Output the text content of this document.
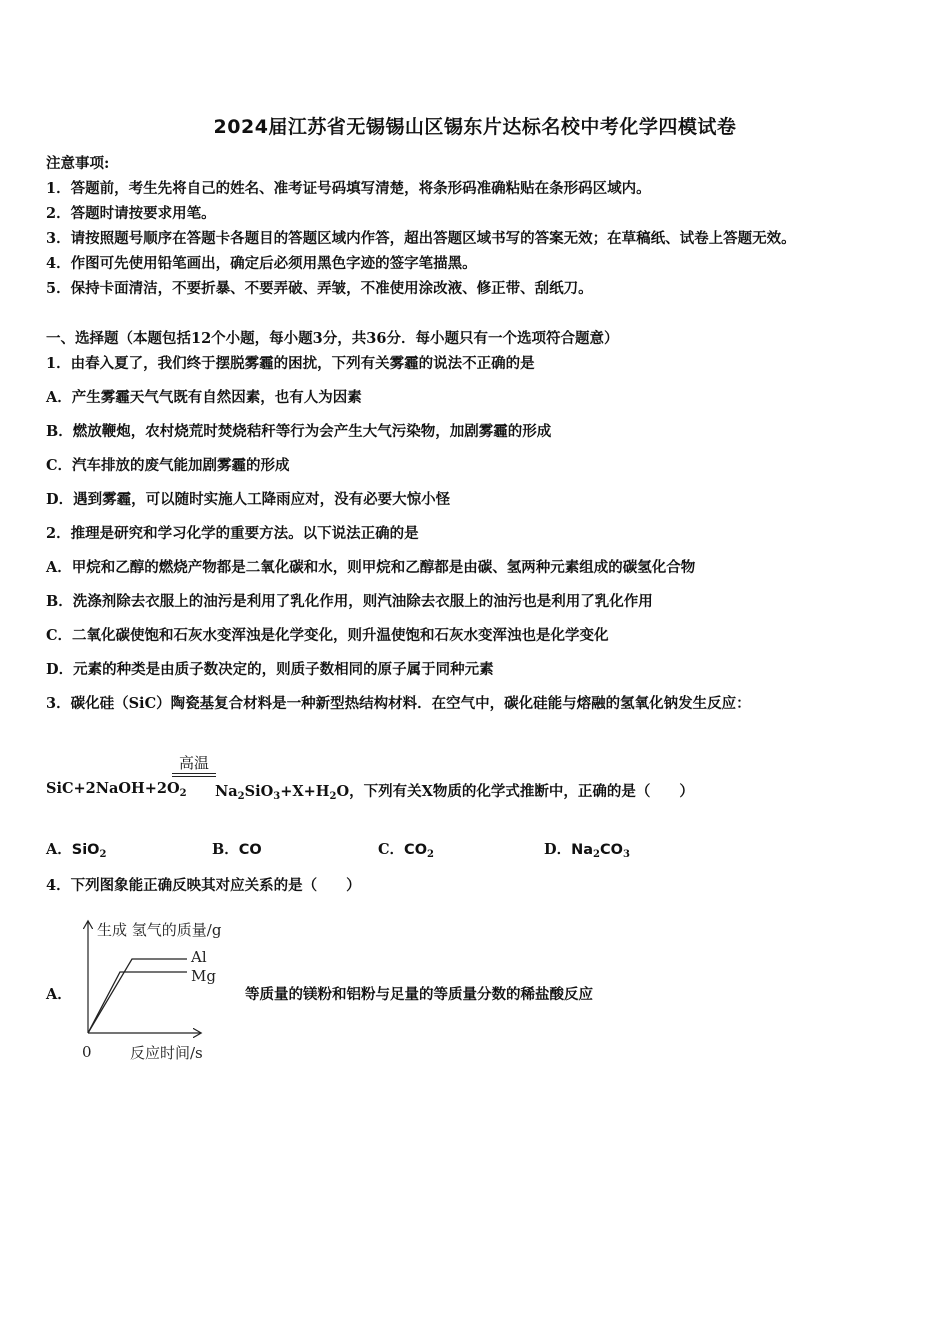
2024届江苏省无锡锡山区锡东片达标名校中考化学四模试卷
注意事项:
1．答题前，考生先将自己的姓名、准考证号码填写清楚，将条形码准确粘贴在条形码区域内。
2．答题时请按要求用笔。
3．请按照题号顺序在答题卡各题目的答题区域内作答，超出答题区域书写的答案无效；在草稿纸、试卷上答题无效。
4．作图可先使用铅笔画出，确定后必须用黑色字迹的签字笔描黑。
5．保持卡面清洁，不要折暴、不要弄破、弄皱，不准使用涂改液、修正带、刮纸刀。
一、选择题（本题包括12个小题，每小题3分，共36分．每小题只有一个选项符合题意）
1．由春入夏了，我们终于摆脱雾霾的困扰，下列有关雾霾的说法不正确的是
A．产生雾霾天气气既有自然因素，也有人为因素
B．燃放鞭炮，农村烧荒时焚烧秸秆等行为会产生大气污染物，加剧雾霾的形成
C．汽车排放的废气能加剧雾霾的形成
D．遇到雾霾，可以随时实施人工降雨应对，没有必要大惊小怪
2．推理是研究和学习化学的重要方法。以下说法正确的是
A．甲烷和乙醇的燃烧产物都是二氧化碳和水，则甲烷和乙醇都是由碳、氢两种元素组成的碳氢化合物
B．洗涤剂除去衣服上的油污是利用了乳化作用，则汽油除去衣服上的油污也是利用了乳化作用
C．二氧化碳使饱和石灰水变浑浊是化学变化，则升温使饱和石灰水变浑浊也是化学变化
D．元素的种类是由质子数决定的，则质子数相同的原子属于同种元素
3．碳化硅（SiC）陶瓷基复合材料是一种新型热结构材料．在空气中，碳化硅能与熔融的氢氧化钠发生反应：
高温
$SiC+2NaOH+2O_2$ $Na_2SiO_3+X+H_2O$，下列有关X物质的化学式推断中，正确的是（　　）
A．SiO$_2$	B．CO	C．$CO_2$	D．$Na_2CO_3$
4．下列图象能正确反映其对应关系的是（　　）
A．	等质量的镁粉和铝粉与足量的等质量分数的稀盐酸反应
生成 氢气的质量/g
Al
Mg
0	反应时间/s
